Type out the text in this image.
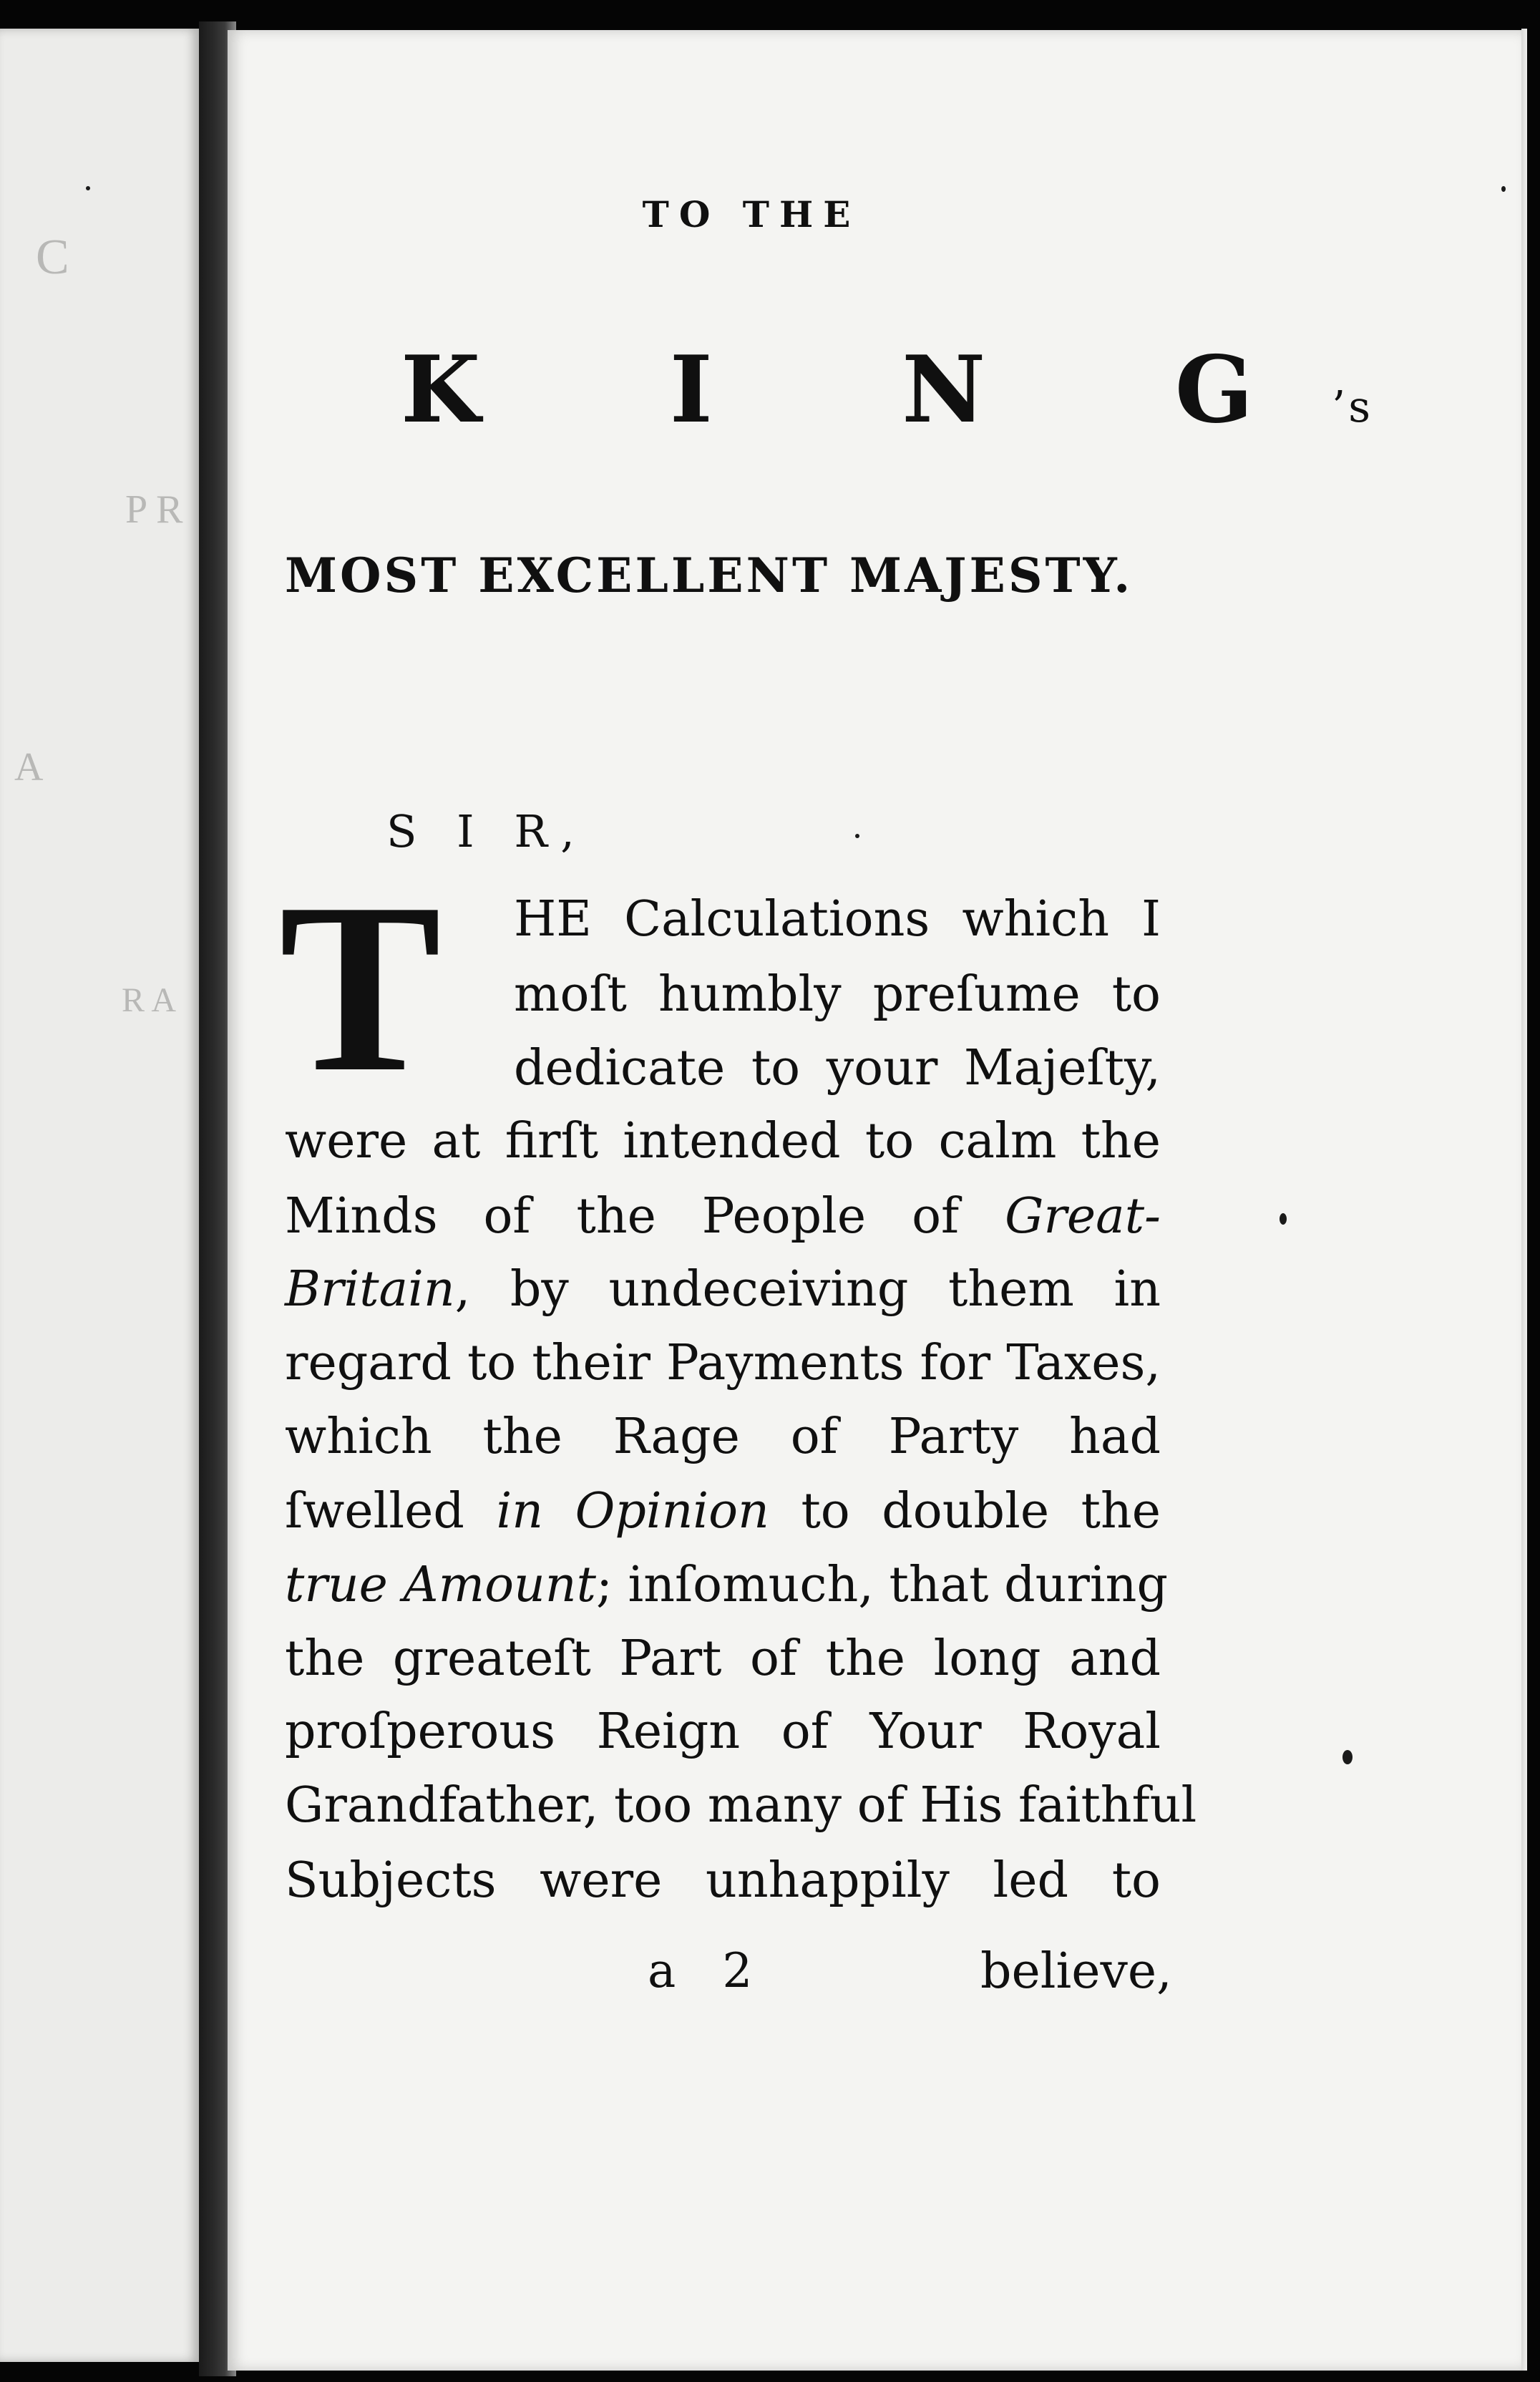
C
P R
A
R A
TO THE
K I N G’s
MOST EXCELLENT MAJESTY.
S I R,
T HE Calculations which I
moſt humbly preſume to
dedicate to your Majeſty,
were at firſt intended to calm the
Minds of the People of Great-
Britain, by undeceiving them in
regard to their Payments for Taxes,
which the Rage of Party had
ſwelled in Opinion to double the
true Amount; inſomuch, that during
the greateſt Part of the long and
proſperous Reign of Your Royal
Grandfather, too many of His faithful
Subjects were unhappily led to
a 2	believe,
